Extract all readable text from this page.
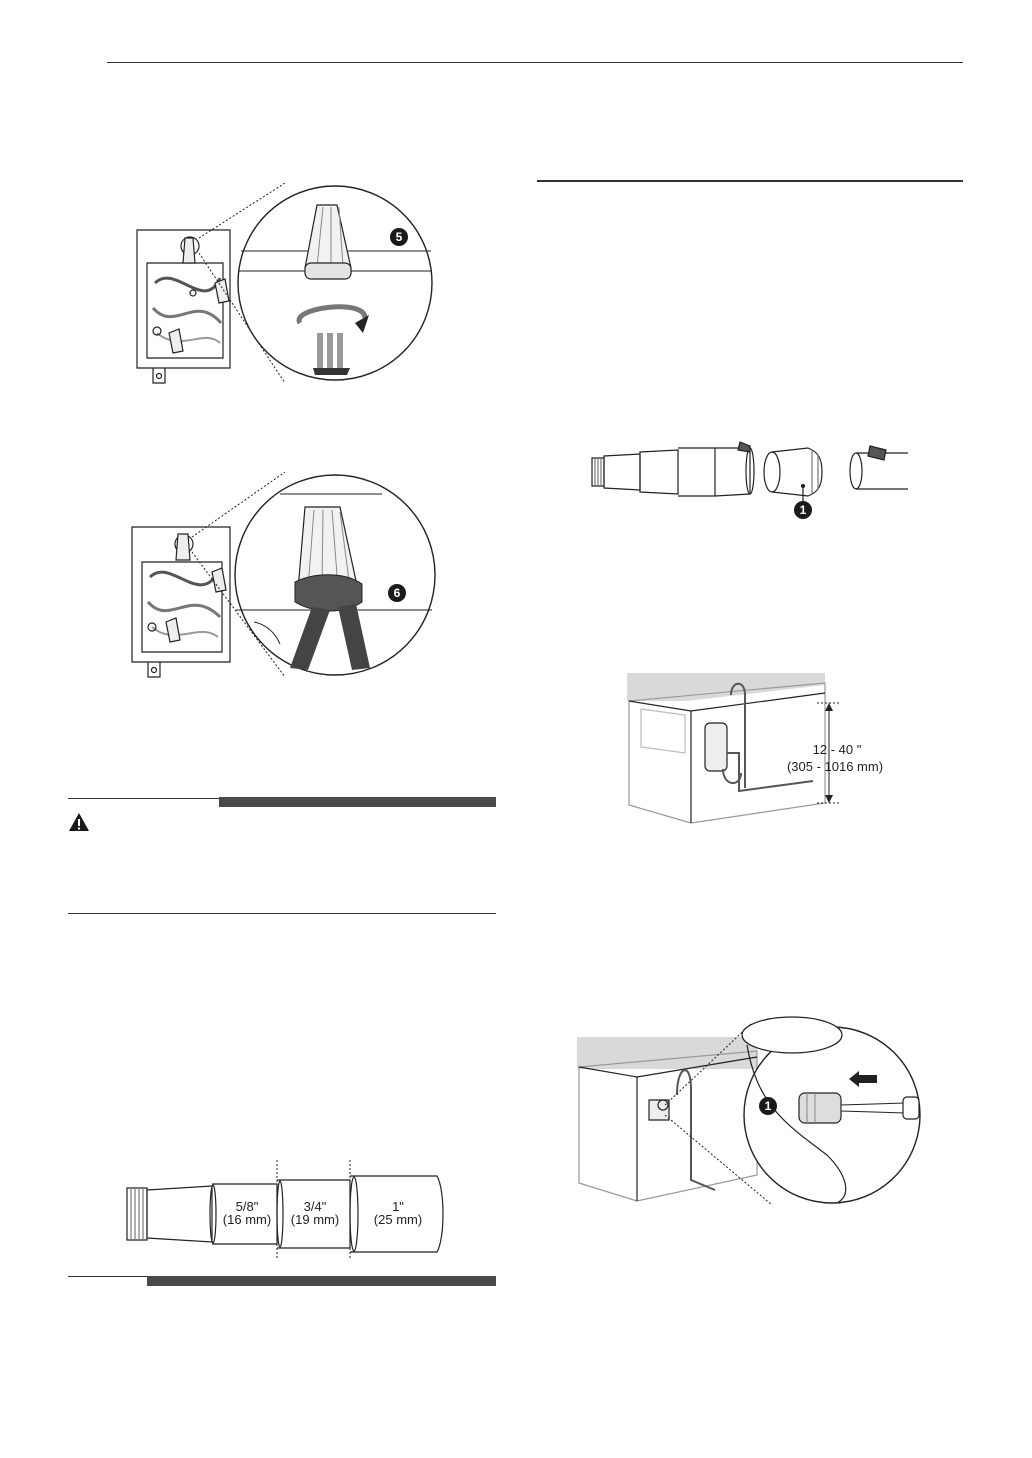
5
6
5/8"
(16 mm)
3/4"
(19 mm)
1"
(25 mm)
1
12 - 40 "
(305 - 1016 mm)
1
